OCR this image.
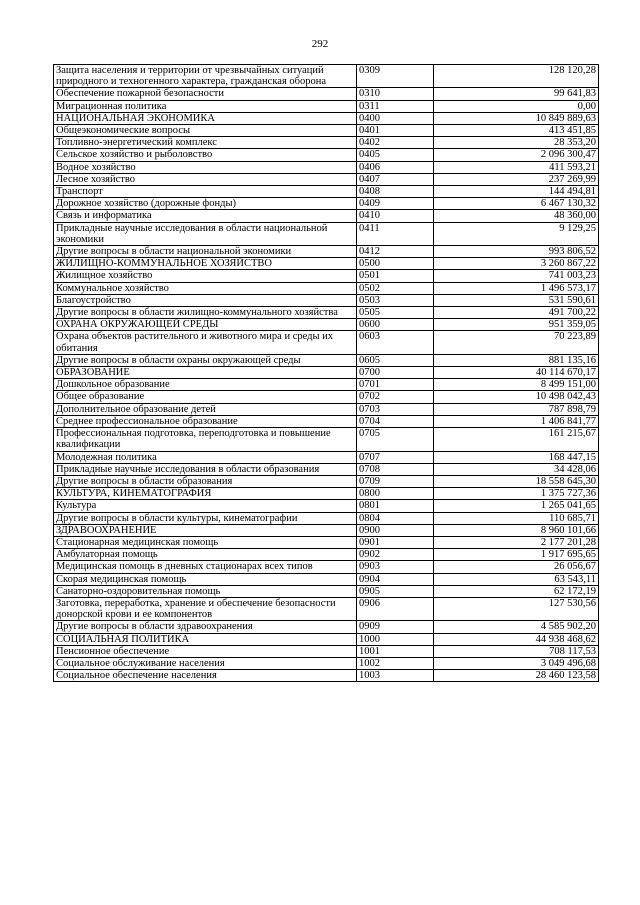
292
Защита населения и территории от чрезвычайных ситуаций природного и техногенного характера, гражданская оборона	0309	128 120,28
Обеспечение пожарной безопасности	0310	99 641,83
Миграционная политика	0311	0,00
НАЦИОНАЛЬНАЯ ЭКОНОМИКА	0400	10 849 889,63
Общеэкономические вопросы	0401	413 451,85
Топливно-энергетический комплекс	0402	28 353,20
Сельское хозяйство и рыболовство	0405	2 096 300,47
Водное хозяйство	0406	411 593,21
Лесное хозяйство	0407	237 269,99
Транспорт	0408	144 494,81
Дорожное хозяйство (дорожные фонды)	0409	6 467 130,32
Связь и информатика	0410	48 360,00
Прикладные научные исследования в области национальной экономики	0411	9 129,25
Другие вопросы в области национальной экономики	0412	993 806,52
ЖИЛИЩНО-КОММУНАЛЬНОЕ ХОЗЯЙСТВО	0500	3 260 867,22
Жилищное хозяйство	0501	741 003,23
Коммунальное хозяйство	0502	1 496 573,17
Благоустройство	0503	531 590,61
Другие вопросы в области жилищно-коммунального хозяйства	0505	491 700,22
ОХРАНА ОКРУЖАЮЩЕЙ СРЕДЫ	0600	951 359,05
Охрана объектов растительного и животного мира и среды их обитания	0603	70 223,89
Другие вопросы в области охраны окружающей среды	0605	881 135,16
ОБРАЗОВАНИЕ	0700	40 114 670,17
Дошкольное образование	0701	8 499 151,00
Общее образование	0702	10 498 042,43
Дополнительное образование детей	0703	787 898,79
Среднее профессиональное образование	0704	1 406 841,77
Профессиональная подготовка, переподготовка и повышение квалификации	0705	161 215,67
Молодежная политика	0707	168 447,15
Прикладные научные исследования в области образования	0708	34 428,06
Другие вопросы в области образования	0709	18 558 645,30
КУЛЬТУРА, КИНЕМАТОГРАФИЯ	0800	1 375 727,36
Культура	0801	1 265 041,65
Другие вопросы в области культуры, кинематографии	0804	110 685,71
ЗДРАВООХРАНЕНИЕ	0900	8 960 101,66
Стационарная медицинская помощь	0901	2 177 201,28
Амбулаторная помощь	0902	1 917 695,65
Медицинская помощь в дневных стационарах всех типов	0903	26 056,67
Скорая медицинская помощь	0904	63 543,11
Санаторно-оздоровительная помощь	0905	62 172,19
Заготовка, переработка, хранение и обеспечение безопасности донорской крови и ее компонентов	0906	127 530,56
Другие вопросы в области здравоохранения	0909	4 585 902,20
СОЦИАЛЬНАЯ ПОЛИТИКА	1000	44 938 468,62
Пенсионное обеспечение	1001	708 117,53
Социальное обслуживание населения	1002	3 049 496,68
Социальное обеспечение населения	1003	28 460 123,58
